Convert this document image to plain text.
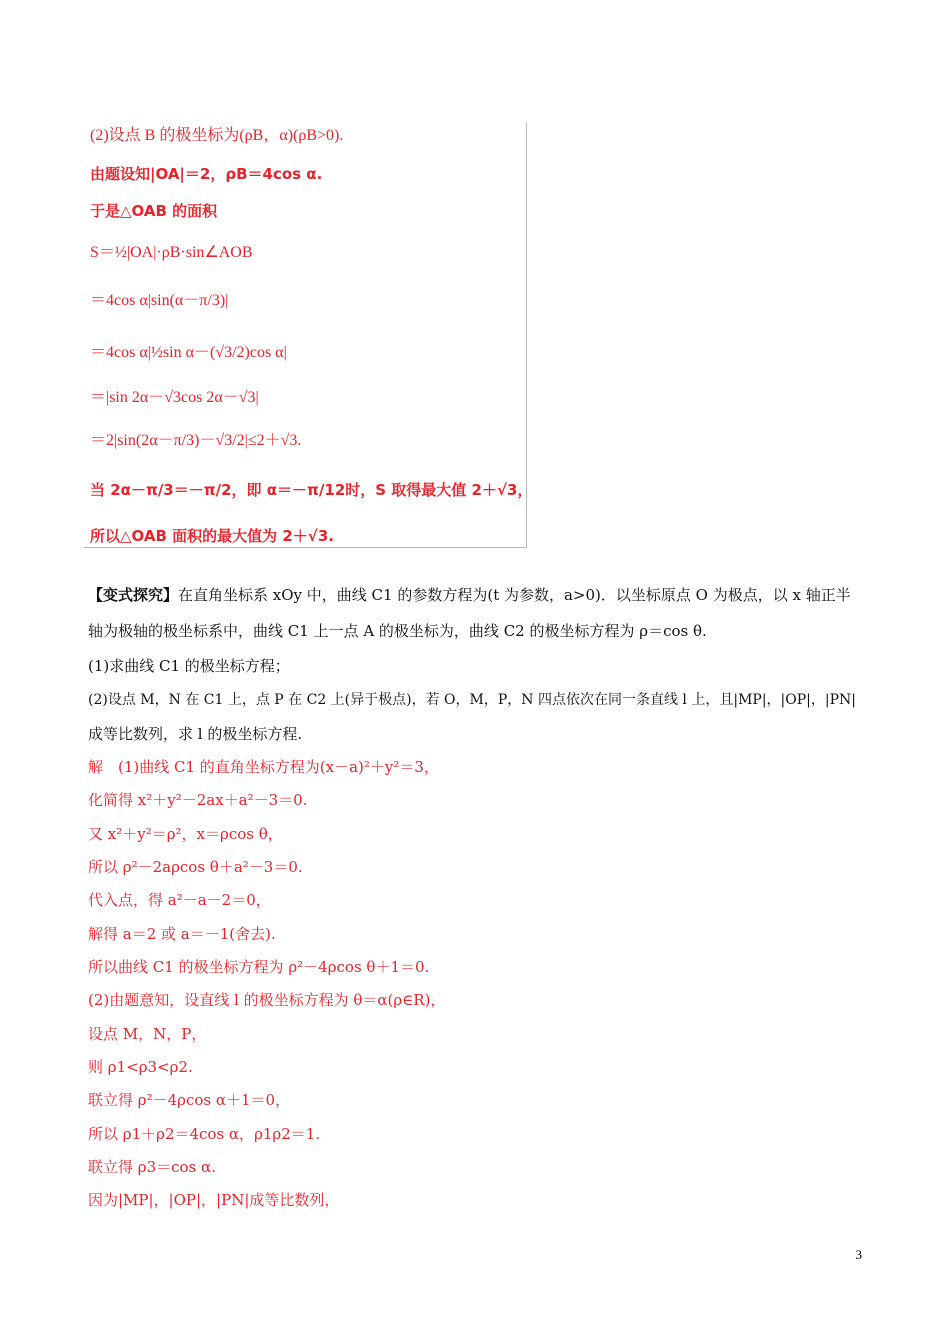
(2)设点 B 的极坐标为(ρB，α)(ρB>0).
由题设知|OA|＝2，ρB＝4cos α.
于是△OAB 的面积
S＝½|OA|·ρB·sin∠AOB
＝4cos α|sin(α－π/3)|
＝4cos α|½sin α－(√3/2)cos α|
＝|sin 2α－√3cos 2α－√3|
＝2|sin(2α－π/3)－√3/2|≤2＋√3.
当 2α－π/3＝－π/2，即 α＝－π/12时，S 取得最大值 2＋√3，
所以△OAB 面积的最大值为 2＋√3.
【变式探究】在直角坐标系 xOy 中，曲线 C1 的参数方程为(t 为参数，a>0)．以坐标原点 O 为极点，以 x 轴正半
轴为极轴的极坐标系中，曲线 C1 上一点 A 的极坐标为，曲线 C2 的极坐标方程为 ρ＝cos θ.
(1)求曲线 C1 的极坐标方程；
(2)设点 M，N 在 C1 上，点 P 在 C2 上(异于极点)，若 O，M，P，N 四点依次在同一条直线 l 上，且|MP|，|OP|，|PN|
成等比数列，求 l 的极坐标方程.
解　(1)曲线 C1 的直角坐标方程为(x－a)²＋y²＝3，
化简得 x²＋y²－2ax＋a²－3＝0.
又 x²＋y²＝ρ²，x＝ρcos θ，
所以 ρ²－2aρcos θ＋a²－3＝0.
代入点，得 a²－a－2＝0，
解得 a＝2 或 a＝－1(舍去).
所以曲线 C1 的极坐标方程为 ρ²－4ρcos θ＋1＝0.
(2)由题意知，设直线 l 的极坐标方程为 θ＝α(ρ∈R)，
设点 M，N，P，
则 ρ1<ρ3<ρ2.
联立得 ρ²－4ρcos α＋1＝0，
所以 ρ1＋ρ2＝4cos α，ρ1ρ2＝1.
联立得 ρ3＝cos α.
因为|MP|，|OP|，|PN|成等比数列，
3
